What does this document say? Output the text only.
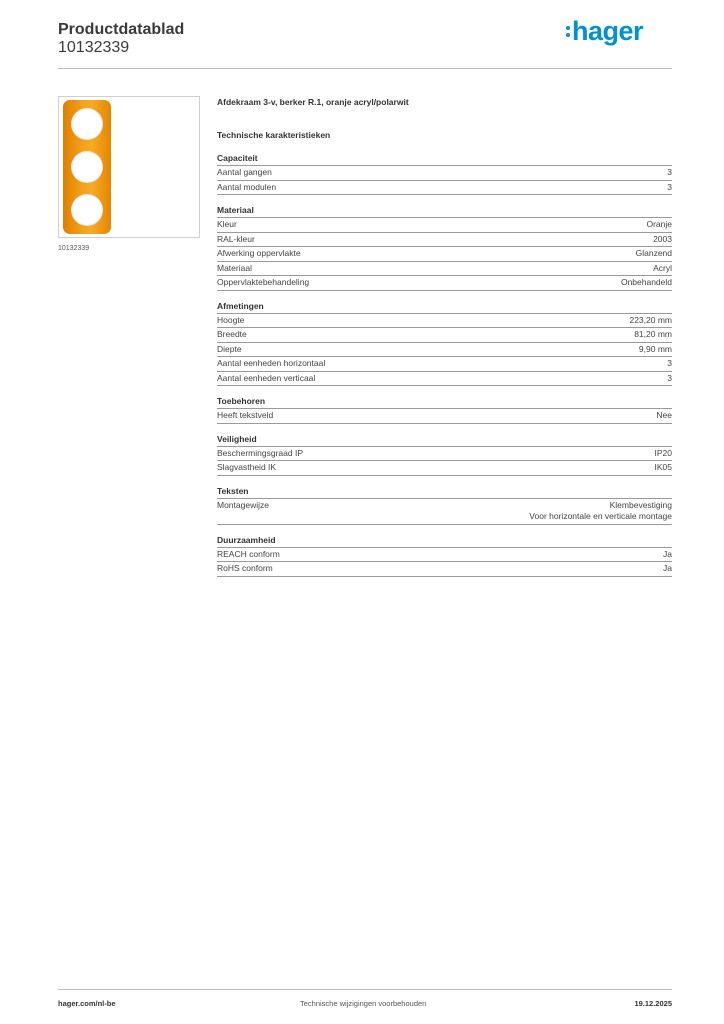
Productdatablad
10132339
hager
10132339
Afdekraam 3-v, berker R.1, oranje acryl/polarwit
Technische karakteristieken
Capaciteit
Aantal gangen	3
Aantal modulen	3
Materiaal
Kleur	Oranje
RAL-kleur	2003
Afwerking oppervlakte	Glanzend
Materiaal	Acryl
Oppervlaktebehandeling	Onbehandeld
Afmetingen
Hoogte	223,20 mm
Breedte	81,20 mm
Diepte	9,90 mm
Aantal eenheden horizontaal	3
Aantal eenheden verticaal	3
Toebehoren
Heeft tekstveld	Nee
Veiligheid
Beschermingsgraad IP	IP20
Slagvastheid IK	IK05
Teksten
Montagewijze	Klembevestiging
Voor horizontale en verticale montage
Duurzaamheid
REACH conform	Ja
RoHS conform	Ja
hager.com/nl-be	Technische wijzigingen voorbehouden	19.12.2025
